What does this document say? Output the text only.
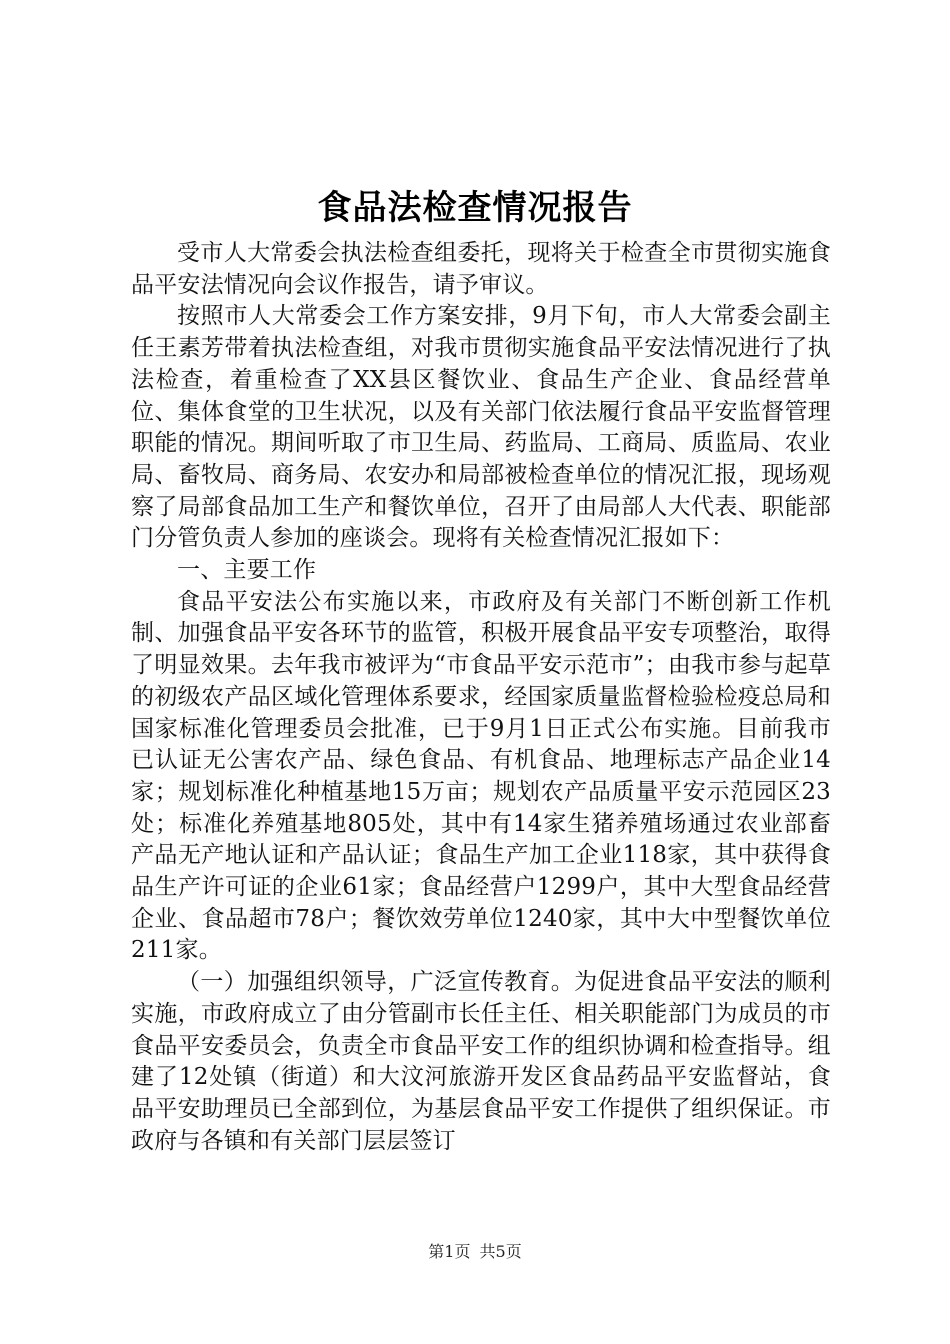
食品法检查情况报告

受市人大常委会执法检查组委托，现将关于检查全市贯彻实施食品平安法情况向会议作报告，请予审议。

按照市人大常委会工作方案安排，9月下旬，市人大常委会副主任王素芳带着执法检查组，对我市贯彻实施食品平安法情况进行了执法检查，着重检查了XX县区餐饮业、食品生产企业、食品经营单位、集体食堂的卫生状况，以及有关部门依法履行食品平安监督管理职能的情况。期间听取了市卫生局、药监局、工商局、质监局、农业局、畜牧局、商务局、农安办和局部被检查单位的情况汇报，现场观察了局部食品加工生产和餐饮单位，召开了由局部人大代表、职能部门分管负责人参加的座谈会。现将有关检查情况汇报如下：

一、主要工作

食品平安法公布实施以来，市政府及有关部门不断创新工作机制、加强食品平安各环节的监管，积极开展食品平安专项整治，取得了明显效果。去年我市被评为“市食品平安示范市”；由我市参与起草的初级农产品区域化管理体系要求，经国家质量监督检验检疫总局和国家标准化管理委员会批准，已于9月1日正式公布实施。目前我市已认证无公害农产品、绿色食品、有机食品、地理标志产品企业14家；规划标准化种植基地15万亩；规划农产品质量平安示范园区23处；标准化养殖基地805处，其中有14家生猪养殖场通过农业部畜产品无产地认证和产品认证；食品生产加工企业118家，其中获得食品生产许可证的企业61家；食品经营户1299户，其中大型食品经营企业、食品超市78户；餐饮效劳单位1240家，其中大中型餐饮单位211家。

（一）加强组织领导，广泛宣传教育。为促进食品平安法的顺利实施，市政府成立了由分管副市长任主任、相关职能部门为成员的市食品平安委员会，负责全市食品平安工作的组织协调和检查指导。组建了12处镇（街道）和大汶河旅游开发区食品药品平安监督站，食品平安助理员已全部到位，为基层食品平安工作提供了组织保证。市政府与各镇和有关部门层层签订

第1页 共5页
